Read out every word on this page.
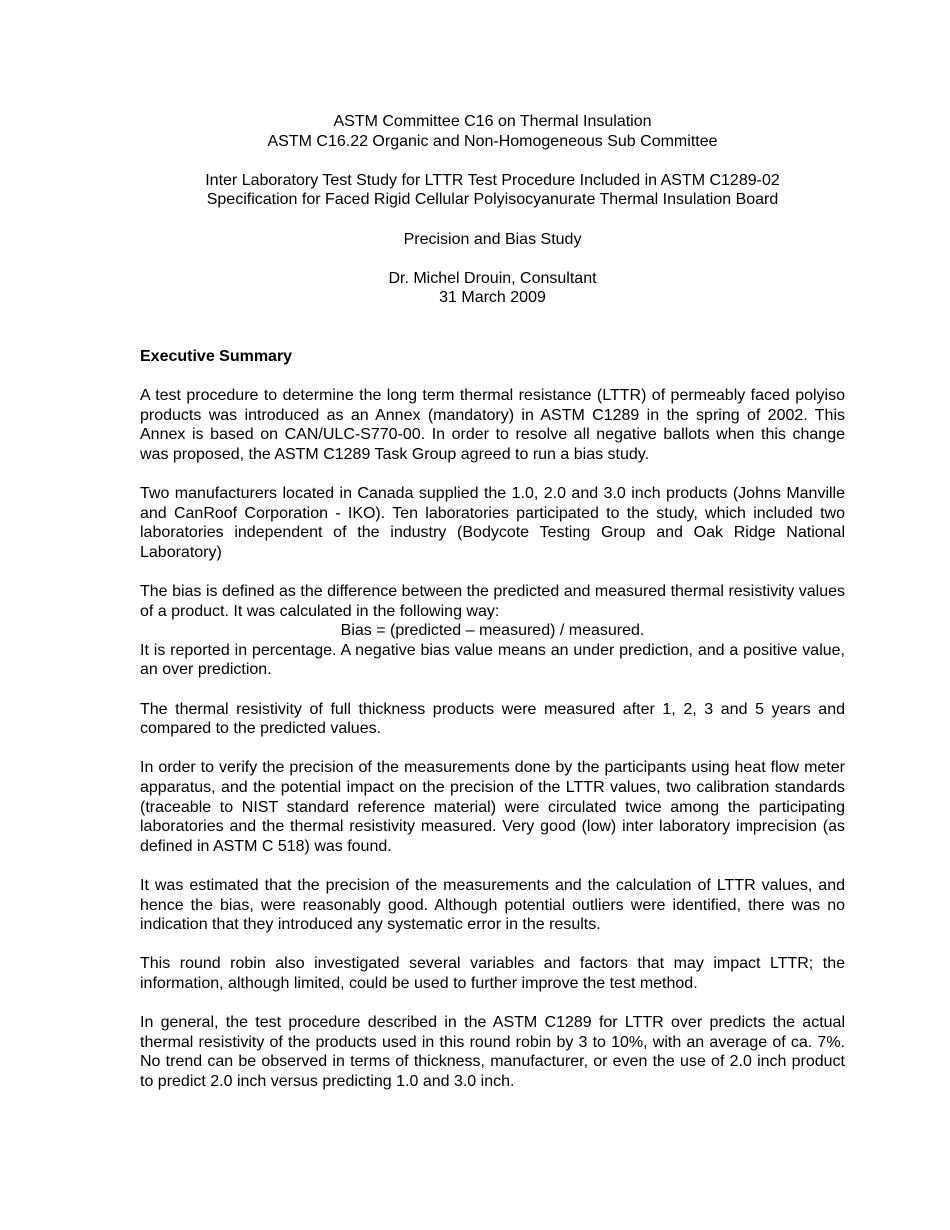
ASTM Committee C16 on Thermal Insulation
ASTM C16.22 Organic and Non-Homogeneous Sub Committee
Inter Laboratory Test Study for LTTR Test Procedure Included in ASTM C1289-02
Specification for Faced Rigid Cellular Polyisocyanurate Thermal Insulation Board
Precision and Bias Study
Dr. Michel Drouin, Consultant
31 March 2009
Executive Summary

A test procedure to determine the long term thermal resistance (LTTR) of permeably faced polyiso products was introduced as an Annex (mandatory) in ASTM C1289 in the spring of 2002. This Annex is based on CAN/ULC-S770-00. In order to resolve all negative ballots when this change was proposed, the ASTM C1289 Task Group agreed to run a bias study.

Two manufacturers located in Canada supplied the 1.0, 2.0 and 3.0 inch products (Johns Manville and CanRoof Corporation - IKO). Ten laboratories participated to the study, which included two laboratories independent of the industry (Bodycote Testing Group and Oak Ridge National Laboratory)

The bias is defined as the difference between the predicted and measured thermal resistivity values of a product. It was calculated in the following way:

Bias = (predicted – measured) / measured.

It is reported in percentage. A negative bias value means an under prediction, and a positive value, an over prediction.

The thermal resistivity of full thickness products were measured after 1, 2, 3 and 5 years and compared to the predicted values.

In order to verify the precision of the measurements done by the participants using heat flow meter apparatus, and the potential impact on the precision of the LTTR values, two calibration standards (traceable to NIST standard reference material) were circulated twice among the participating laboratories and the thermal resistivity measured. Very good (low) inter laboratory imprecision (as defined in ASTM C 518) was found.

It was estimated that the precision of the measurements and the calculation of LTTR values, and hence the bias, were reasonably good. Although potential outliers were identified, there was no indication that they introduced any systematic error in the results.

This round robin also investigated several variables and factors that may impact LTTR; the information, although limited, could be used to further improve the test method.

In general, the test procedure described in the ASTM C1289 for LTTR over predicts the actual thermal resistivity of the products used in this round robin by 3 to 10%, with an average of ca. 7%. No trend can be observed in terms of thickness, manufacturer, or even the use of 2.0 inch product to predict 2.0 inch versus predicting 1.0 and 3.0 inch.
